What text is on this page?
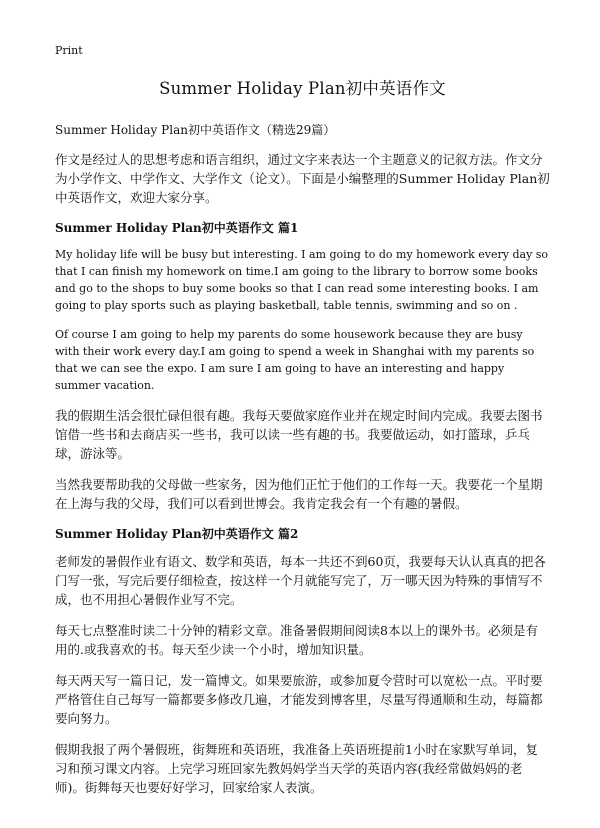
Print
Summer Holiday Plan初中英语作文
Summer Holiday Plan初中英语作文（精选29篇）

作文是经过人的思想考虑和语言组织，通过文字来表达一个主题意义的记叙方法。作文分为小学作文、中学作文、大学作文（论文）。下面是小编整理的Summer Holiday Plan初中英语作文，欢迎大家分享。

Summer Holiday Plan初中英语作文 篇1

My holiday life will be busy but interesting. I am going to do my homework every day so that I can finish my homework on time.I am going to the library to borrow some books and go to the shops to buy some books so that I can read some interesting books. I am going to play sports such as playing basketball, table tennis, swimming and so on .

Of course I am going to help my parents do some housework because they are busy with their work every day.I am going to spend a week in Shanghai with my parents so that we can see the expo. I am sure I am going to have an interesting and happy summer vacation.

我的假期生活会很忙碌但很有趣。我每天要做家庭作业并在规定时间内完成。我要去图书馆借一些书和去商店买一些书，我可以读一些有趣的书。我要做运动，如打篮球，乒乓球，游泳等。

当然我要帮助我的父母做一些家务，因为他们正忙于他们的工作每一天。我要花一个星期在上海与我的父母，我们可以看到世博会。我肯定我会有一个有趣的暑假。

Summer Holiday Plan初中英语作文 篇2

老师发的暑假作业有语文、数学和英语，每本一共还不到60页，我要每天认认真真的把各门写一张，写完后要仔细检查，按这样一个月就能写完了，万一哪天因为特殊的事情写不成，也不用担心暑假作业写不完。

每天七点整准时读二十分钟的精彩文章。准备暑假期间阅读8本以上的课外书。必须是有用的.或我喜欢的书。每天至少读一个小时，增加知识量。

每天两天写一篇日记，发一篇博文。如果要旅游，或参加夏令营时可以宽松一点。平时要严格管住自己每写一篇都要多修改几遍，才能发到博客里，尽量写得通顺和生动，每篇都要向努力。

假期我报了两个暑假班，街舞班和英语班，我准备上英语班提前1小时在家默写单词，复习和预习课文内容。上完学习班回家先教妈妈学当天学的英语内容(我经常做妈妈的老师)。街舞每天也要好好学习，回家给家人表演。
